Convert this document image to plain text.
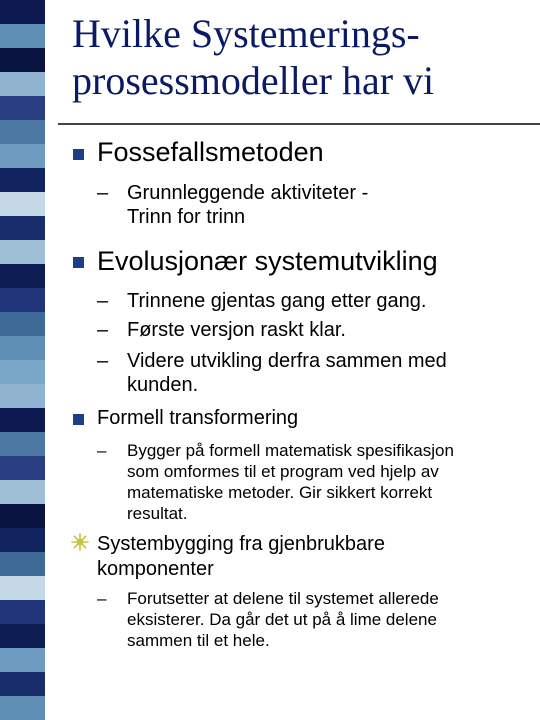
Hvilke Systemerings-
prosessmodeller har vi
Fossefallsmetoden
– Grunnleggende aktiviteter -
Trinn for trinn
Evolusjonær systemutvikling
– Trinnene gjentas gang etter gang.
– Første versjon raskt klar.
– Videre utvikling derfra sammen med
kunden.
Formell transformering
– Bygger på formell matematisk spesifikasjon
som omformes til et program ved hjelp av
matematiske metoder. Gir sikkert korrekt
resultat.
Systembygging fra gjenbrukbare
komponenter
– Forutsetter at delene til systemet allerede
eksisterer. Da går det ut på å lime delene
sammen til et hele.
